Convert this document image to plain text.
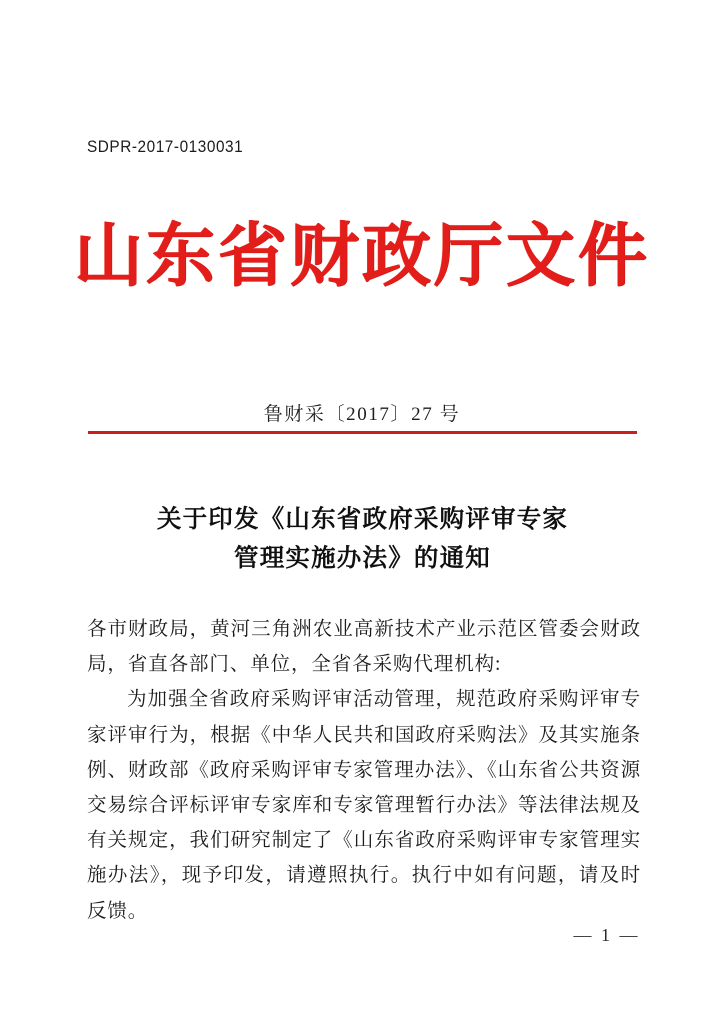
SDPR-2017-0130031
山东省财政厅文件
鲁财采〔2017〕27 号
关于印发《山东省政府采购评审专家
管理实施办法》的通知

各市财政局，黄河三角洲农业高新技术产业示范区管委会财政局，省直各部门、单位，全省各采购代理机构:

为加强全省政府采购评审活动管理，规范政府采购评审专家评审行为，根据《中华人民共和国政府采购法》及其实施条例、财政部《政府采购评审专家管理办法》、《山东省公共资源交易综合评标评审专家库和专家管理暂行办法》等法律法规及有关规定，我们研究制定了《山东省政府采购评审专家管理实施办法》，现予印发，请遵照执行。执行中如有问题，请及时反馈。

— 1 —
